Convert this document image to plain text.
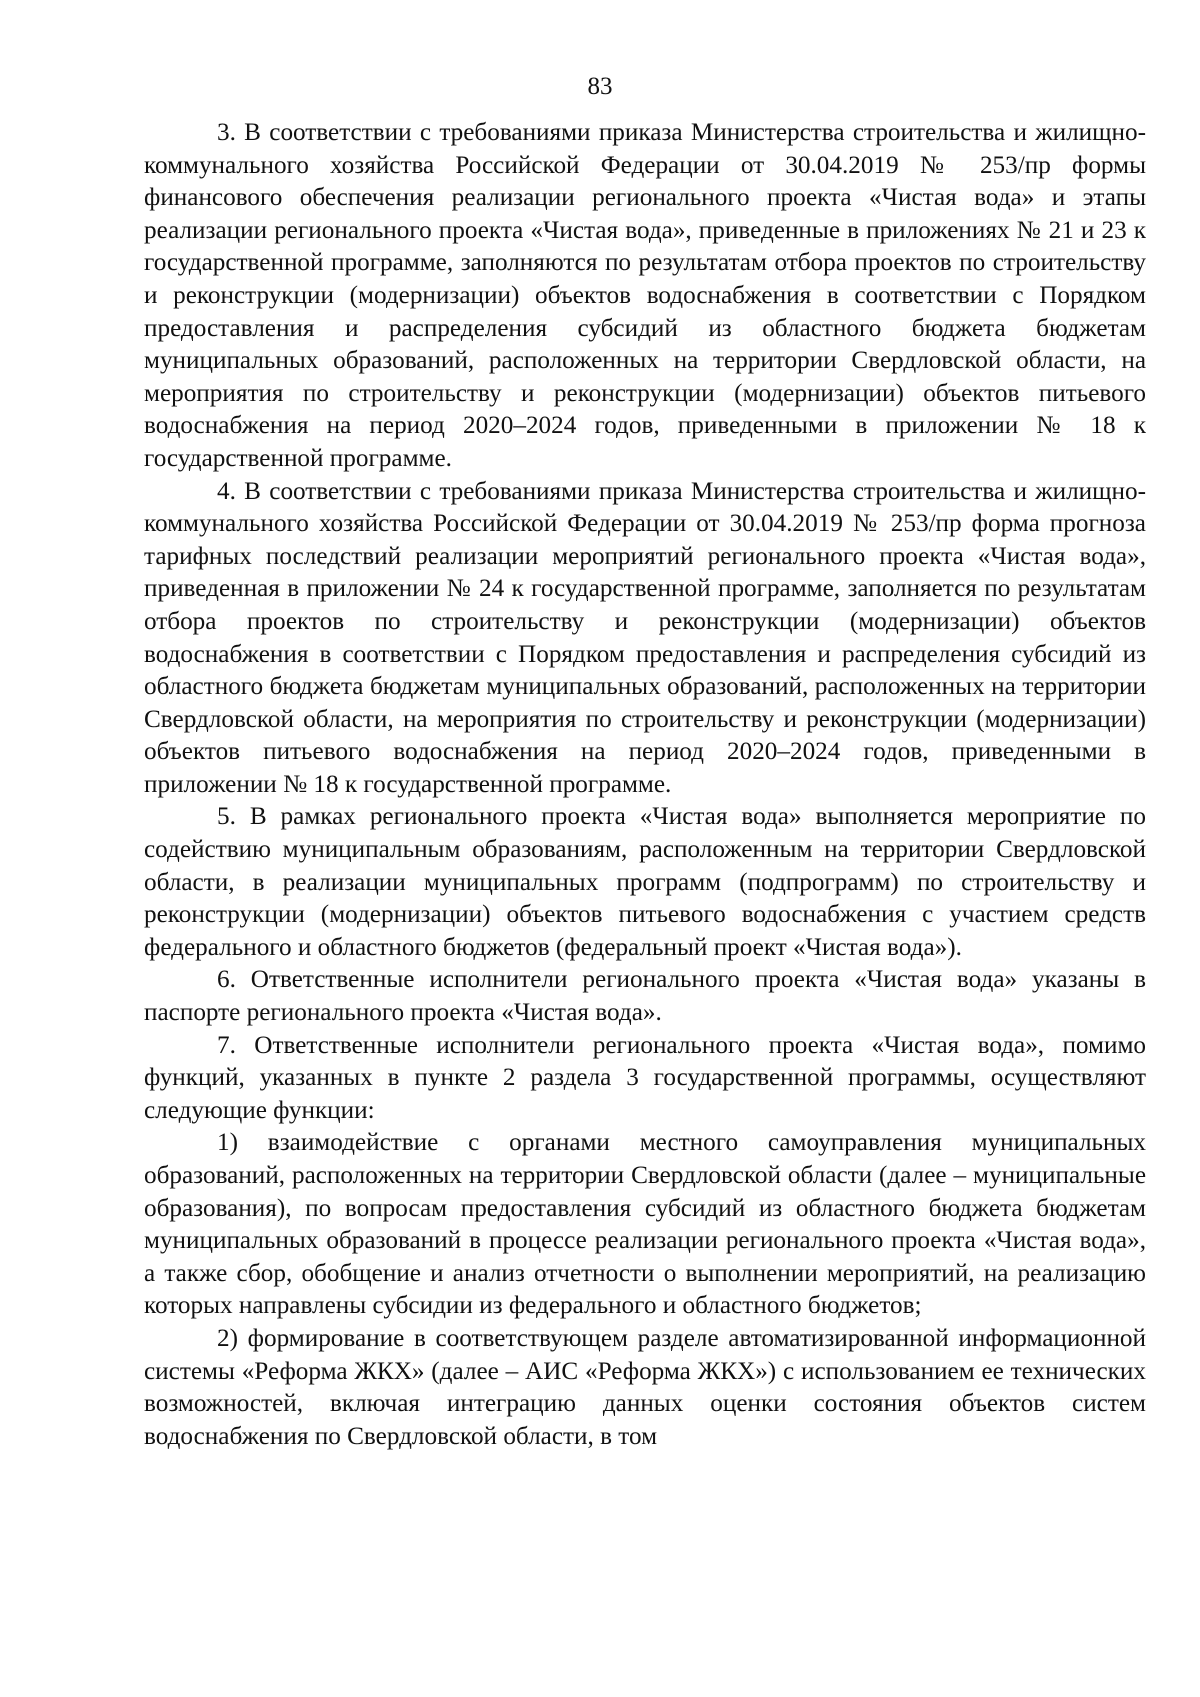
83

3. В соответствии с требованиями приказа Министерства строительства и жилищно-коммунального хозяйства Российской Федерации от 30.04.2019 № 253/пр формы финансового обеспечения реализации регионального проекта «Чистая вода» и этапы реализации регионального проекта «Чистая вода», приведенные в приложениях № 21 и 23 к государственной программе, заполняются по результатам отбора проектов по строительству и реконструкции (модернизации) объектов водоснабжения в соответствии с Порядком предоставления и распределения субсидий из областного бюджета бюджетам муниципальных образований, расположенных на территории Свердловской области, на мероприятия по строительству и реконструкции (модернизации) объектов питьевого водоснабжения на период 2020–2024 годов, приведенными в приложении № 18 к государственной программе.

4. В соответствии с требованиями приказа Министерства строительства и жилищно-коммунального хозяйства Российской Федерации от 30.04.2019 № 253/пр форма прогноза тарифных последствий реализации мероприятий регионального проекта «Чистая вода», приведенная в приложении № 24 к государственной программе, заполняется по результатам отбора проектов по строительству и реконструкции (модернизации) объектов водоснабжения в соответствии с Порядком предоставления и распределения субсидий из областного бюджета бюджетам муниципальных образований, расположенных на территории Свердловской области, на мероприятия по строительству и реконструкции (модернизации) объектов питьевого водоснабжения на период 2020–2024 годов, приведенными в приложении № 18 к государственной программе.

5. В рамках регионального проекта «Чистая вода» выполняется мероприятие по содействию муниципальным образованиям, расположенным на территории Свердловской области, в реализации муниципальных программ (подпрограмм) по строительству и реконструкции (модернизации) объектов питьевого водоснабжения с участием средств федерального и областного бюджетов (федеральный проект «Чистая вода»).

6. Ответственные исполнители регионального проекта «Чистая вода» указаны в паспорте регионального проекта «Чистая вода».

7. Ответственные исполнители регионального проекта «Чистая вода», помимо функций, указанных в пункте 2 раздела 3 государственной программы, осуществляют следующие функции:

1) взаимодействие с органами местного самоуправления муниципальных образований, расположенных на территории Свердловской области (далее – муниципальные образования), по вопросам предоставления субсидий из областного бюджета бюджетам муниципальных образований в процессе реализации регионального проекта «Чистая вода», а также сбор, обобщение и анализ отчетности о выполнении мероприятий, на реализацию которых направлены субсидии из федерального и областного бюджетов;

2) формирование в соответствующем разделе автоматизированной информационной системы «Реформа ЖКХ» (далее – АИС «Реформа ЖКХ») с использованием ее технических возможностей, включая интеграцию данных оценки состояния объектов систем водоснабжения по Свердловской области, в том
